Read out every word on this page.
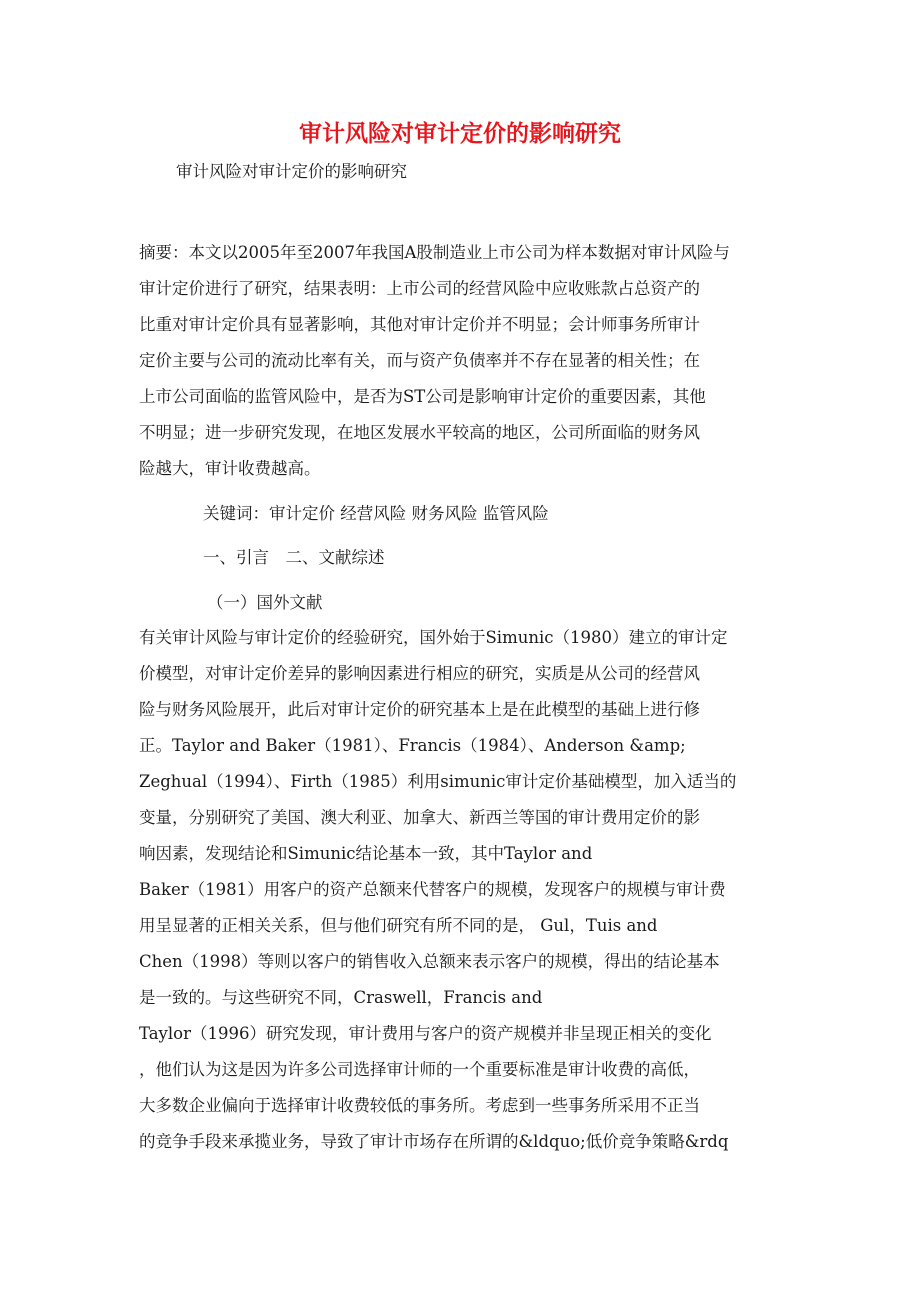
审计风险对审计定价的影响研究
审计风险对审计定价的影响研究
摘要：本文以2005年至2007年我国A股制造业上市公司为样本数据对审计风险与
审计定价进行了研究，结果表明：上市公司的经营风险中应收账款占总资产的
比重对审计定价具有显著影响，其他对审计定价并不明显；会计师事务所审计
定价主要与公司的流动比率有关，而与资产负债率并不存在显著的相关性；在
上市公司面临的监管风险中，是否为ST公司是影响审计定价的重要因素，其他
不明显；进一步研究发现，在地区发展水平较高的地区，公司所面临的财务风
险越大，审计收费越高。
关键词：审计定价 经营风险 财务风险 监管风险
一、引言　二、文献综述
（一）国外文献
有关审计风险与审计定价的经验研究，国外始于Simunic（1980）建立的审计定
价模型，对审计定价差异的影响因素进行相应的研究，实质是从公司的经营风
险与财务风险展开，此后对审计定价的研究基本上是在此模型的基础上进行修
正。Taylor and Baker（1981）、Francis（1984）、Anderson &amp;
Zeghual（1994）、Firth（1985）利用simunic审计定价基础模型，加入适当的
变量，分别研究了美国、澳大利亚、加拿大、新西兰等国的审计费用定价的影
响因素，发现结论和Simunic结论基本一致，其中Taylor and
Baker（1981）用客户的资产总额来代替客户的规模，发现客户的规模与审计费
用呈显著的正相关关系，但与他们研究有所不同的是， Gul，Tuis and
Chen（1998）等则以客户的销售收入总额来表示客户的规模，得出的结论基本
是一致的。与这些研究不同，Craswell，Francis and
Taylor（1996）研究发现，审计费用与客户的资产规模并非呈现正相关的变化
，他们认为这是因为许多公司选择审计师的一个重要标准是审计收费的高低，
大多数企业偏向于选择审计收费较低的事务所。考虑到一些事务所采用不正当
的竞争手段来承揽业务，导致了审计市场存在所谓的&ldquo;低价竞争策略&rdq
